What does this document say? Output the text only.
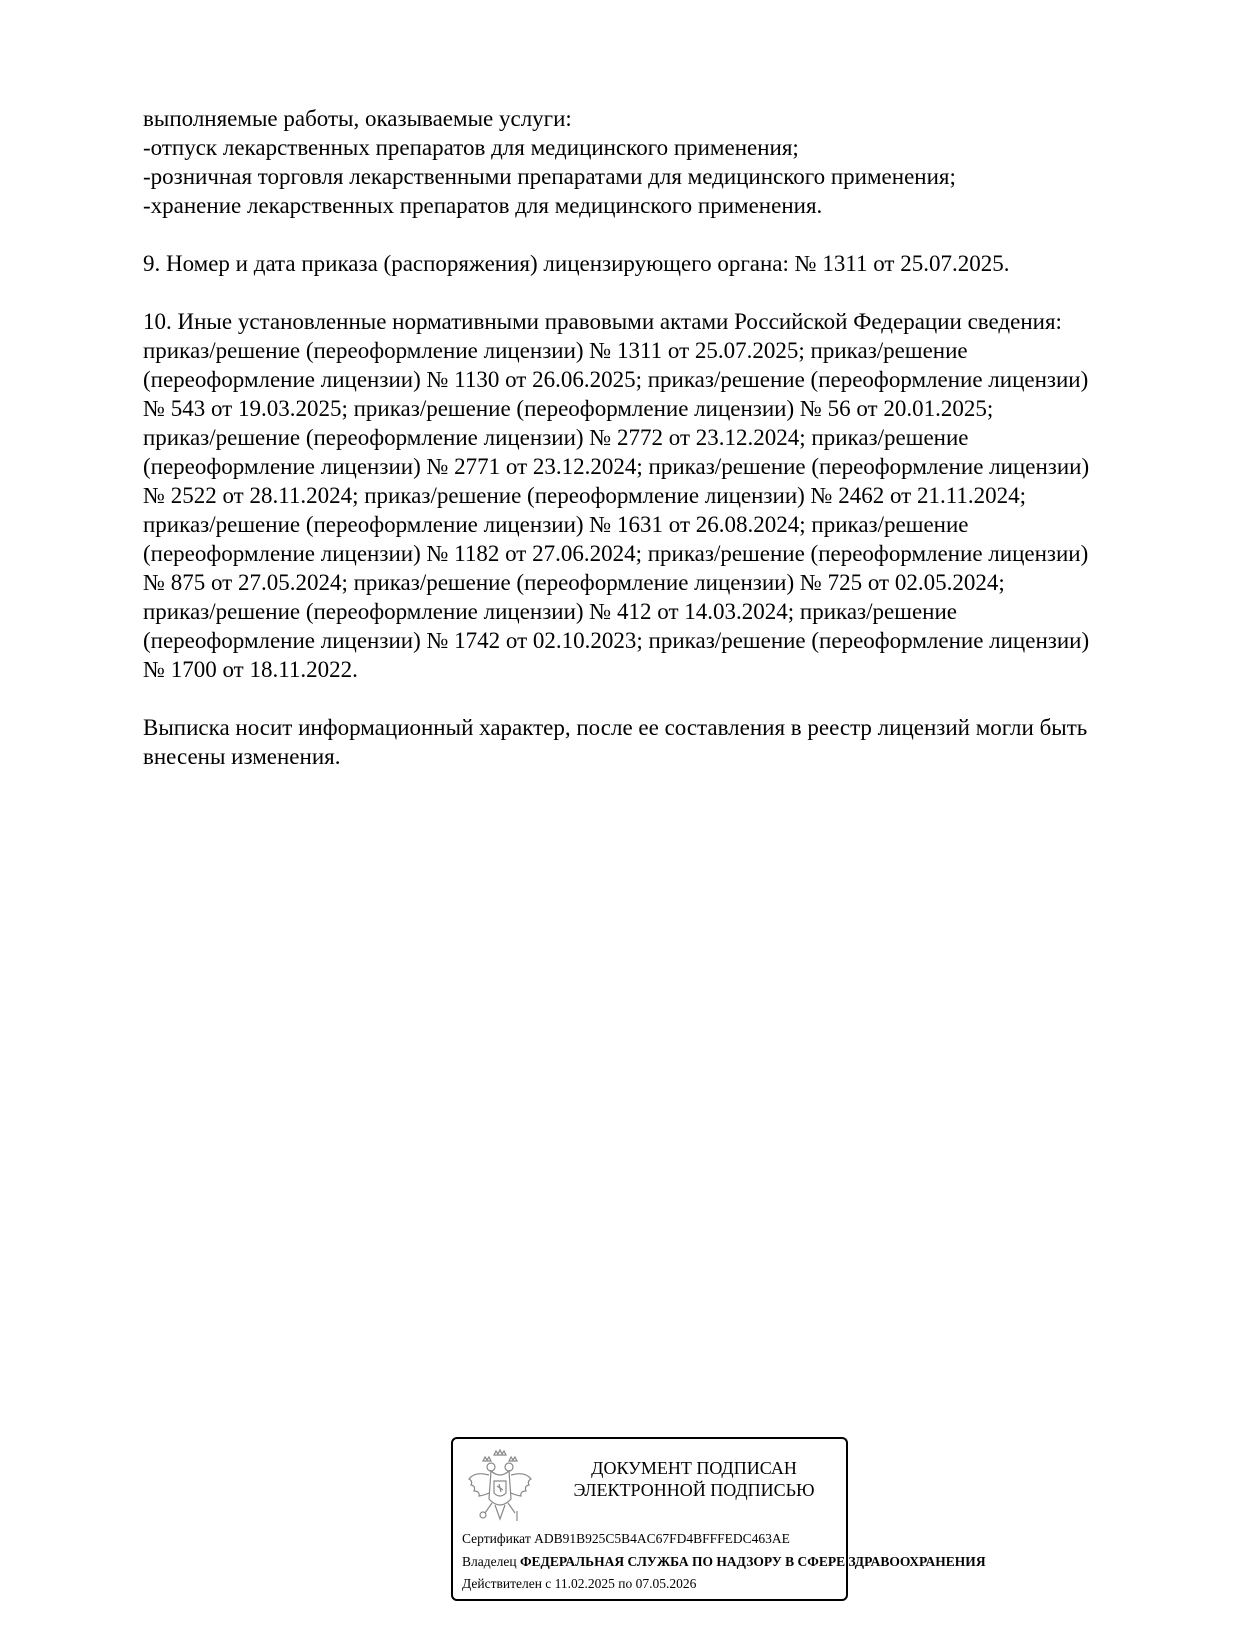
выполняемые работы, оказываемые услуги:

-отпуск лекарственных препаратов для медицинского применения;

-розничная торговля лекарственными препаратами для медицинского применения;

-хранение лекарственных препаратов для медицинского применения.

9. Номер и дата приказа (распоряжения) лицензирующего органа: № 1311 от 25.07.2025.

10. Иные установленные нормативными правовыми актами Российской Федерации сведения:

приказ/решение (переоформление лицензии) № 1311 от 25.07.2025; приказ/решение

(переоформление лицензии) № 1130 от 26.06.2025; приказ/решение (переоформление лицензии)

№ 543 от 19.03.2025; приказ/решение (переоформление лицензии) № 56 от 20.01.2025;

приказ/решение (переоформление лицензии) № 2772 от 23.12.2024; приказ/решение

(переоформление лицензии) № 2771 от 23.12.2024; приказ/решение (переоформление лицензии)

№ 2522 от 28.11.2024; приказ/решение (переоформление лицензии) № 2462 от 21.11.2024;

приказ/решение (переоформление лицензии) № 1631 от 26.08.2024; приказ/решение

(переоформление лицензии) № 1182 от 27.06.2024; приказ/решение (переоформление лицензии)

№ 875 от 27.05.2024; приказ/решение (переоформление лицензии) № 725 от 02.05.2024;

приказ/решение (переоформление лицензии) № 412 от 14.03.2024; приказ/решение

(переоформление лицензии) № 1742 от 02.10.2023; приказ/решение (переоформление лицензии)

№ 1700 от 18.11.2022.

Выписка носит информационный характер, после ее составления в реестр лицензий могли быть

внесены изменения.

ДОКУМЕНТ ПОДПИСАН
ЭЛЕКТРОННОЙ ПОДПИСЬЮ
Сертификат ADB91B925C5B4AC67FD4BFFFEDC463AE
Владелец ФЕДЕРАЛЬНАЯ СЛУЖБА ПО НАДЗОРУ В СФЕРЕ ЗДРАВООХРАНЕНИЯ
Действителен с 11.02.2025 по 07.05.2026
